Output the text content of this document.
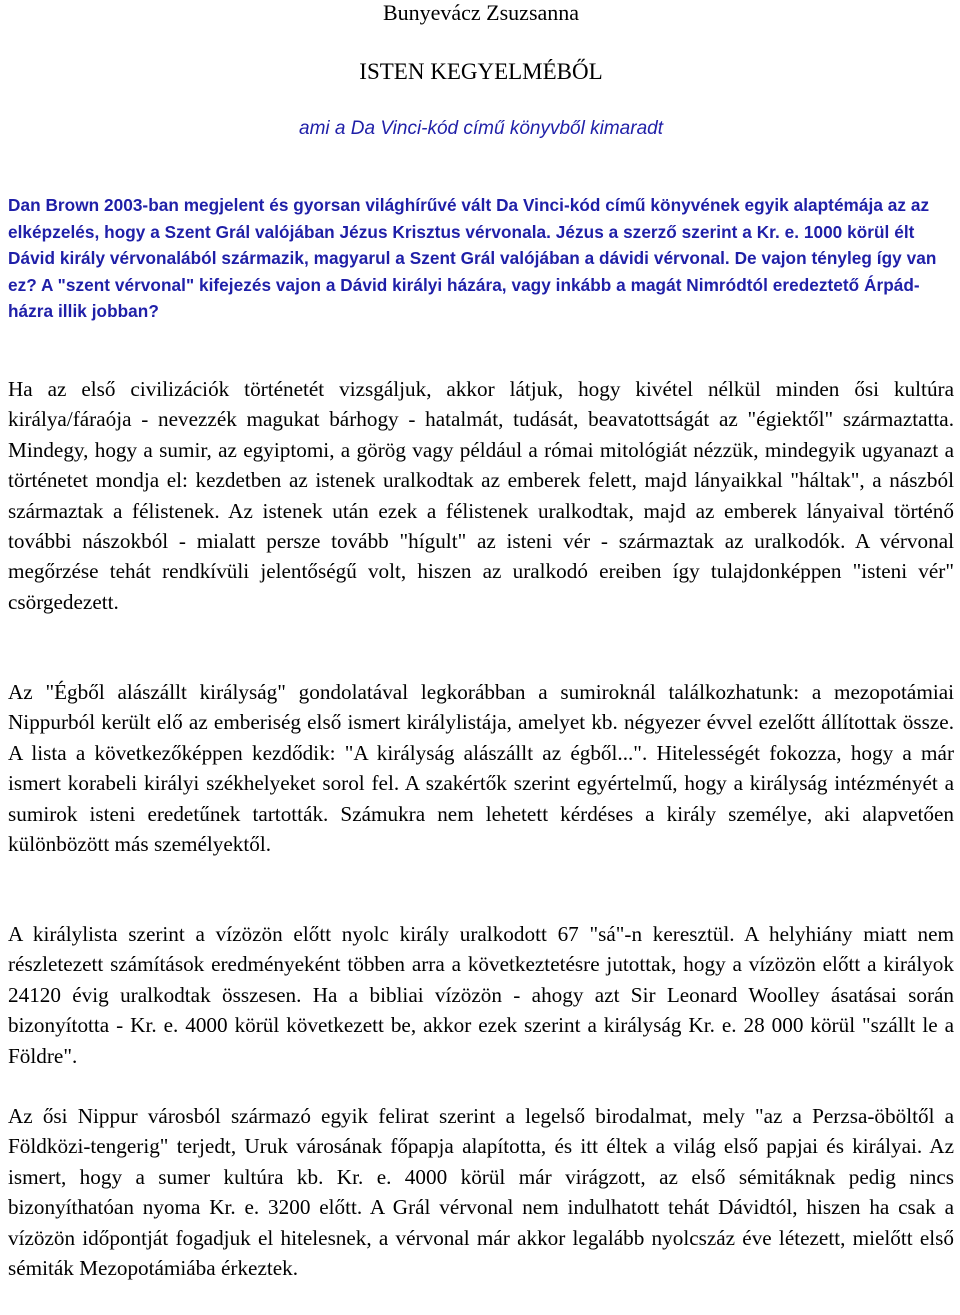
Bunyevácz Zsuzsanna

ISTEN KEGYELMÉBŐL

ami a Da Vinci-kód című könyvből kimaradt

Dan Brown 2003-ban megjelent és gyorsan világhírűvé vált Da Vinci-kód című könyvének egyik alaptémája az az elképzelés, hogy a Szent Grál valójában Jézus Krisztus vérvonala. Jézus a szerző szerint a Kr. e. 1000 körül élt Dávid király vérvonalából származik, magyarul a Szent Grál valójában a dávidi vérvonal. De vajon tényleg így van ez? A "szent vérvonal" kifejezés vajon a Dávid királyi házára, vagy inkább a magát Nimródtól eredeztető Árpád-házra illik jobban?

Ha az első civilizációk történetét vizsgáljuk, akkor látjuk, hogy kivétel nélkül minden ősi kultúra királya/fáraója - nevezzék magukat bárhogy - hatalmát, tudását, beavatottságát az "égiektől" származtatta. Mindegy, hogy a sumir, az egyiptomi, a görög vagy például a római mitológiát nézzük, mindegyik ugyanazt a történetet mondja el: kezdetben az istenek uralkodtak az emberek felett, majd lányaikkal "háltak", a nászból származtak a félistenek. Az istenek után ezek a félistenek uralkodtak, majd az emberek lányaival történő további nászokból - mialatt persze tovább "hígult" az isteni vér - származtak az uralkodók. A vérvonal megőrzése tehát rendkívüli jelentőségű volt, hiszen az uralkodó ereiben így tulajdonképpen "isteni vér" csörgedezett.

Az "Égből alászállt királyság" gondolatával legkorábban a sumiroknál találkozhatunk: a mezopotámiai Nippurból került elő az emberiség első ismert királylistája, amelyet kb. négyezer évvel ezelőtt állítottak össze. A lista a következőképpen kezdődik: "A királyság alászállt az égből...". Hitelességét fokozza, hogy a már ismert korabeli királyi székhelyeket sorol fel. A szakértők szerint egyértelmű, hogy a királyság intézményét a sumirok isteni eredetűnek tartották. Számukra nem lehetett kérdéses a király személye, aki alapvetően különbözött más személyektől.

A királylista szerint a vízözön előtt nyolc király uralkodott 67 "sá"-n keresztül. A helyhiány miatt nem részletezett számítások eredményeként többen arra a következtetésre jutottak, hogy a vízözön előtt a királyok 24120 évig uralkodtak összesen. Ha a bibliai vízözön - ahogy azt Sir Leonard Woolley ásatásai során bizonyította - Kr. e. 4000 körül következett be, akkor ezek szerint a királyság Kr. e. 28 000 körül "szállt le a Földre".

Az ősi Nippur városból származó egyik felirat szerint a legelső birodalmat, mely "az a Perzsa-öböltől a Földközi-tengerig" terjedt, Uruk városának főpapja alapította, és itt éltek a világ első papjai és királyai. Az ismert, hogy a sumer kultúra kb. Kr. e. 4000 körül már virágzott, az első sémitáknak pedig nincs bizonyíthatóan nyoma Kr. e. 3200 előtt. A Grál vérvonal nem indulhatott tehát Dávidtól, hiszen ha csak a vízözön időpontját fogadjuk el hitelesnek, a vérvonal már akkor legalább nyolcszáz éve létezett, mielőtt első sémiták Mezopotámiába érkeztek.
